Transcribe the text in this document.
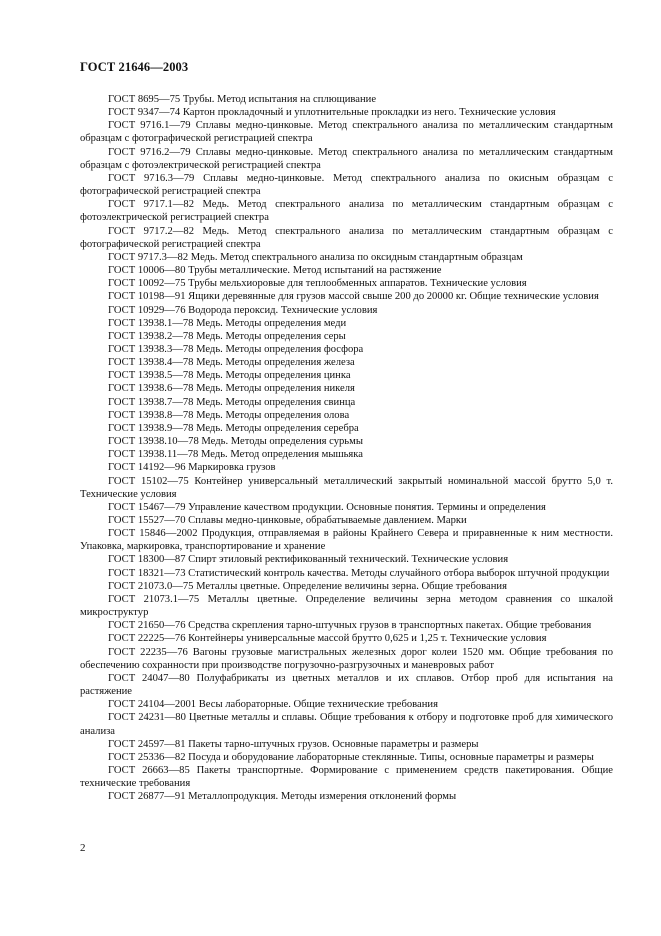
ГОСТ 21646—2003

ГОСТ 8695—75 Трубы. Метод испытания на сплющивание

ГОСТ 9347—74 Картон прокладочный и уплотнительные прокладки из него. Технические условия

ГОСТ 9716.1—79 Сплавы медно-цинковые. Метод спектрального анализа по металлическим стандартным образцам с фотографической регистрацией спектра

ГОСТ 9716.2—79 Сплавы медно-цинковые. Метод спектрального анализа по металлическим стандартным образцам с фотоэлектрической регистрацией спектра

ГОСТ 9716.3—79 Сплавы медно-цинковые. Метод спектрального анализа по окисным образцам с фотографической регистрацией спектра

ГОСТ 9717.1—82 Медь. Метод спектрального анализа по металлическим стандартным образцам с фотоэлектрической регистрацией спектра

ГОСТ 9717.2—82 Медь. Метод спектрального анализа по металлическим стандартным образцам с фотографической регистрацией спектра

ГОСТ 9717.3—82 Медь. Метод спектрального анализа по оксидным стандартным образцам

ГОСТ 10006—80 Трубы металлические. Метод испытаний на растяжение

ГОСТ 10092—75 Трубы мельхиоровые для теплообменных аппаратов. Технические условия

ГОСТ 10198—91 Ящики деревянные для грузов массой свыше 200 до 20000 кг. Общие технические условия

ГОСТ 10929—76 Водорода пероксид. Технические условия

ГОСТ 13938.1—78 Медь. Методы определения меди

ГОСТ 13938.2—78 Медь. Методы определения серы

ГОСТ 13938.3—78 Медь. Методы определения фосфора

ГОСТ 13938.4—78 Медь. Методы определения железа

ГОСТ 13938.5—78 Медь. Методы определения цинка

ГОСТ 13938.6—78 Медь. Методы определения никеля

ГОСТ 13938.7—78 Медь. Методы определения свинца

ГОСТ 13938.8—78 Медь. Методы определения олова

ГОСТ 13938.9—78 Медь. Методы определения серебра

ГОСТ 13938.10—78 Медь. Методы определения сурьмы

ГОСТ 13938.11—78 Медь. Метод определения мышьяка

ГОСТ 14192—96 Маркировка грузов

ГОСТ 15102—75 Контейнер универсальный металлический закрытый номинальной массой брутто 5,0 т. Технические условия

ГОСТ 15467—79 Управление качеством продукции. Основные понятия. Термины и определения

ГОСТ 15527—70 Сплавы медно-цинковые, обрабатываемые давлением. Марки

ГОСТ 15846—2002 Продукция, отправляемая в районы Крайнего Севера и приравненные к ним местности. Упаковка, маркировка, транспортирование и хранение

ГОСТ 18300—87 Спирт этиловый ректификованный технический. Технические условия

ГОСТ 18321—73 Статистический контроль качества. Методы случайного отбора выборок штучной продукции

ГОСТ 21073.0—75 Металлы цветные. Определение величины зерна. Общие требования

ГОСТ 21073.1—75 Металлы цветные. Определение величины зерна методом сравнения со шкалой микроструктур

ГОСТ 21650—76 Средства скрепления тарно-штучных грузов в транспортных пакетах. Общие требования

ГОСТ 22225—76 Контейнеры универсальные массой брутто 0,625 и 1,25 т. Технические условия

ГОСТ 22235—76 Вагоны грузовые магистральных железных дорог колеи 1520 мм. Общие требования по обеспечению сохранности при производстве погрузочно-разгрузочных и маневровых работ

ГОСТ 24047—80 Полуфабрикаты из цветных металлов и их сплавов. Отбор проб для испытания на растяжение

ГОСТ 24104—2001 Весы лабораторные. Общие технические требования

ГОСТ 24231—80 Цветные металлы и сплавы. Общие требования к отбору и подготовке проб для химического анализа

ГОСТ 24597—81 Пакеты тарно-штучных грузов. Основные параметры и размеры

ГОСТ 25336—82 Посуда и оборудование лабораторные стеклянные. Типы, основные параметры и размеры

ГОСТ 26663—85 Пакеты транспортные. Формирование с применением средств пакетирования. Общие технические требования

ГОСТ 26877—91 Металлопродукция. Методы измерения отклонений формы

2
